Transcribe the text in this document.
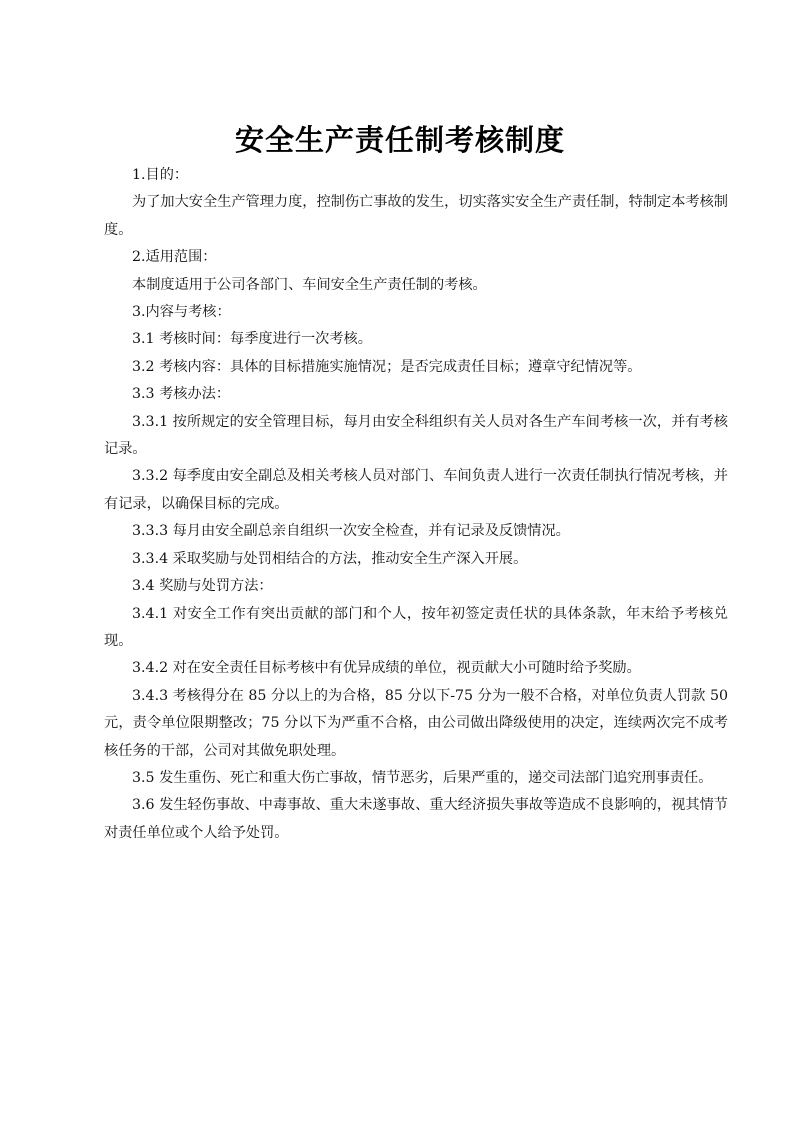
安全生产责任制考核制度

1.目的：

为了加大安全生产管理力度，控制伤亡事故的发生，切实落实安全生产责任制，特制定本考核制度。

2.适用范围：

本制度适用于公司各部门、车间安全生产责任制的考核。

3.内容与考核：

3.1 考核时间：每季度进行一次考核。

3.2 考核内容：具体的目标措施实施情况；是否完成责任目标；遵章守纪情况等。

3.3 考核办法：

3.3.1 按所规定的安全管理目标，每月由安全科组织有关人员对各生产车间考核一次，并有考核记录。

3.3.2 每季度由安全副总及相关考核人员对部门、车间负责人进行一次责任制执行情况考核，并有记录，以确保目标的完成。

3.3.3 每月由安全副总亲自组织一次安全检查，并有记录及反馈情况。

3.3.4 采取奖励与处罚相结合的方法，推动安全生产深入开展。

3.4 奖励与处罚方法：

3.4.1 对安全工作有突出贡献的部门和个人，按年初签定责任状的具体条款，年末给予考核兑现。

3.4.2 对在安全责任目标考核中有优异成绩的单位，视贡献大小可随时给予奖励。

3.4.3 考核得分在 85 分以上的为合格，85 分以下-75 分为一般不合格，对单位负责人罚款 50 元，责令单位限期整改；75 分以下为严重不合格，由公司做出降级使用的决定，连续两次完不成考核任务的干部，公司对其做免职处理。

3.5 发生重伤、死亡和重大伤亡事故，情节恶劣，后果严重的，递交司法部门追究刑事责任。

3.6 发生轻伤事故、中毒事故、重大未遂事故、重大经济损失事故等造成不良影响的，视其情节对责任单位或个人给予处罚。
